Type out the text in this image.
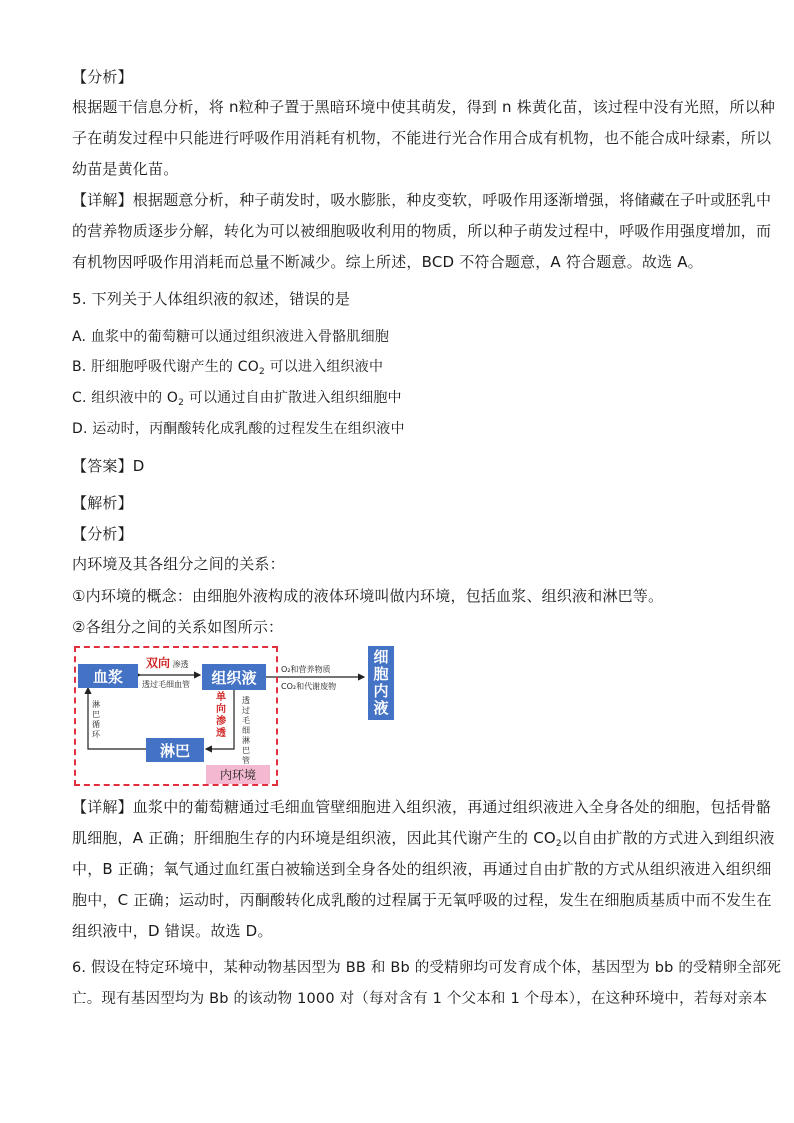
【分析】
根据题干信息分析，将 n粒种子置于黑暗环境中使其萌发，得到 n 株黄化苗，该过程中没有光照，所以种
子在萌发过程中只能进行呼吸作用消耗有机物，不能进行光合作用合成有机物，也不能合成叶绿素，所以
幼苗是黄化苗。
【详解】根据题意分析，种子萌发时，吸水膨胀，种皮变软，呼吸作用逐渐增强，将储藏在子叶或胚乳中
的营养物质逐步分解，转化为可以被细胞吸收利用的物质，所以种子萌发过程中，呼吸作用强度增加，而
有机物因呼吸作用消耗而总量不断减少。综上所述，BCD 不符合题意，A 符合题意。故选 A。
5. 下列关于人体组织液的叙述，错误的是
A. 血浆中的葡萄糖可以通过组织液进入骨骼肌细胞
B. 肝细胞呼吸代谢产生的 $CO_2$ 可以进入组织液中
C. 组织液中的 $O_2$ 可以通过自由扩散进入组织细胞中
D. 运动时，丙酮酸转化成乳酸的过程发生在组织液中
【答案】D
【解析】
【分析】
内环境及其各组分之间的关系：
①内环境的概念：由细胞外液构成的液体环境叫做内环境，包括血浆、组织液和淋巴等。
②各组分之间的关系如图所示：
血浆	组织液
淋巴
细胞内液
内环境
双向 渗透
透过毛细血管
单向渗透
透过毛细淋巴管
淋巴循环
O₂和营养物质
CO₂和代谢废物
【详解】血浆中的葡萄糖通过毛细血管壁细胞进入组织液，再通过组织液进入全身各处的细胞，包括骨骼
肌细胞，A 正确；肝细胞生存的内环境是组织液，因此其代谢产生的 $CO_2$以自由扩散的方式进入到组织液
中，B 正确；氧气通过血红蛋白被输送到全身各处的组织液，再通过自由扩散的方式从组织液进入组织细
胞中，C 正确；运动时，丙酮酸转化成乳酸的过程属于无氧呼吸的过程，发生在细胞质基质中而不发生在
组织液中，D 错误。故选 D。
6. 假设在特定环境中，某种动物基因型为 BB 和 Bb 的受精卵均可发育成个体，基因型为 bb 的受精卵全部死
亡。现有基因型均为 Bb 的该动物 1000 对（每对含有 1 个父本和 1 个母本），在这种环境中，若每对亲本
